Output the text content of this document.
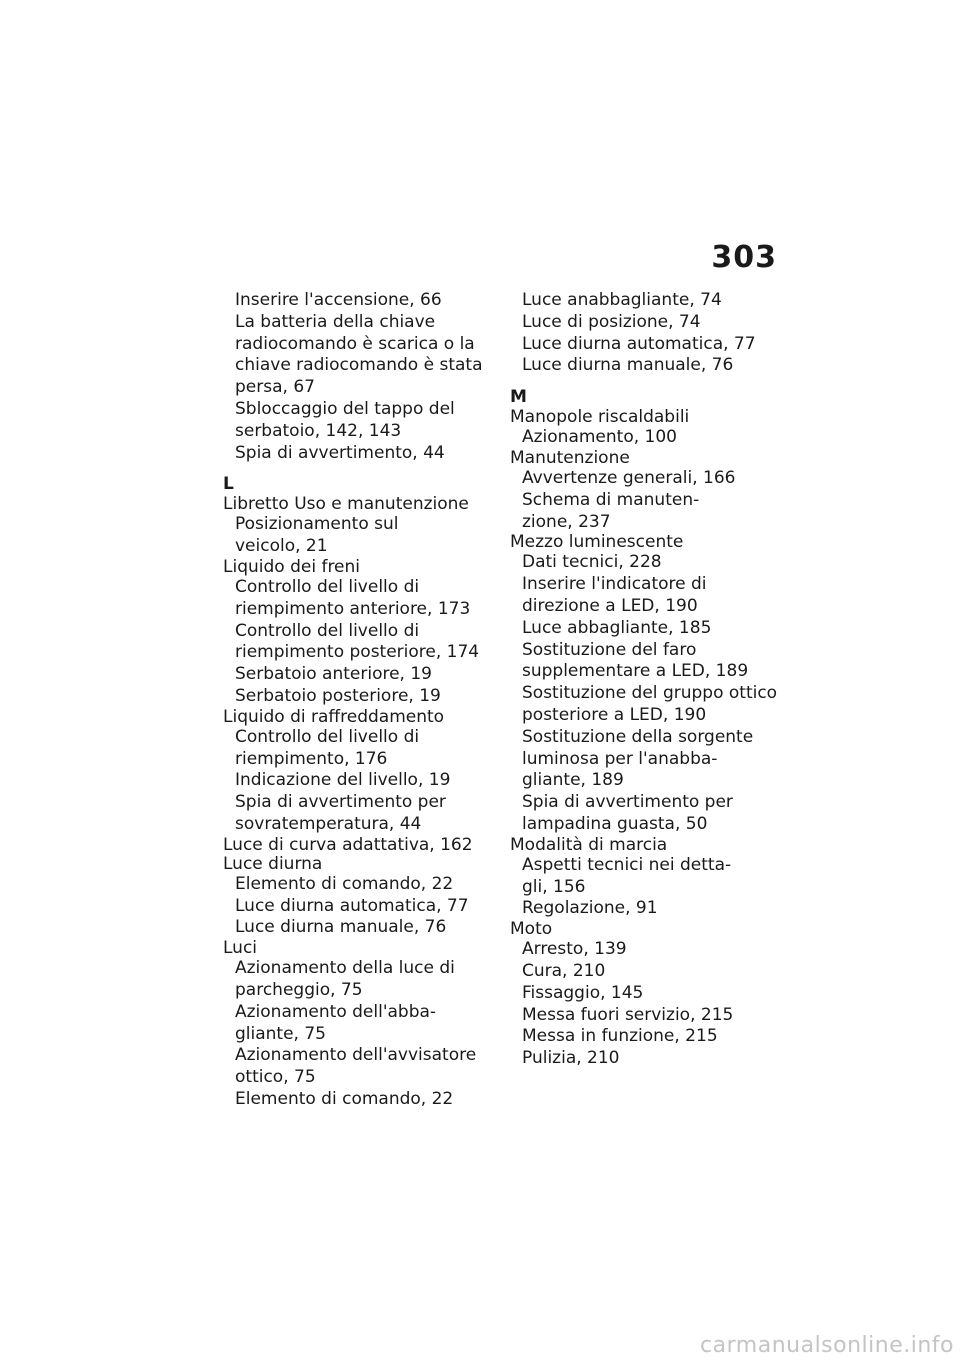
303
Inserire l'accensione, 66
La batteria della chiave
radiocomando è scarica o la
chiave radiocomando è stata
persa, 67
Sbloccaggio del tappo del
serbatoio, 142, 143
Spia di avvertimento, 44
L
Libretto Uso e manutenzione
Posizionamento sul
veicolo, 21
Liquido dei freni
Controllo del livello di
riempimento anteriore, 173
Controllo del livello di
riempimento posteriore, 174
Serbatoio anteriore, 19
Serbatoio posteriore, 19
Liquido di raffreddamento
Controllo del livello di
riempimento, 176
Indicazione del livello, 19
Spia di avvertimento per
sovratemperatura, 44
Luce di curva adattativa, 162
Luce diurna
Elemento di comando, 22
Luce diurna automatica, 77
Luce diurna manuale, 76
Luci
Azionamento della luce di
parcheggio, 75
Azionamento dell'abba-
gliante, 75
Azionamento dell'avvisatore
ottico, 75
Elemento di comando, 22
Luce anabbagliante, 74
Luce di posizione, 74
Luce diurna automatica, 77
Luce diurna manuale, 76
M
Manopole riscaldabili
Azionamento, 100
Manutenzione
Avvertenze generali, 166
Schema di manuten-
zione, 237
Mezzo luminescente
Dati tecnici, 228
Inserire l'indicatore di
direzione a LED, 190
Luce abbagliante, 185
Sostituzione del faro
supplementare a LED, 189
Sostituzione del gruppo ottico
posteriore a LED, 190
Sostituzione della sorgente
luminosa per l'anabba-
gliante, 189
Spia di avvertimento per
lampadina guasta, 50
Modalità di marcia
Aspetti tecnici nei detta-
gli, 156
Regolazione, 91
Moto
Arresto, 139
Cura, 210
Fissaggio, 145
Messa fuori servizio, 215
Messa in funzione, 215
Pulizia, 210
carmanualsonline.info
